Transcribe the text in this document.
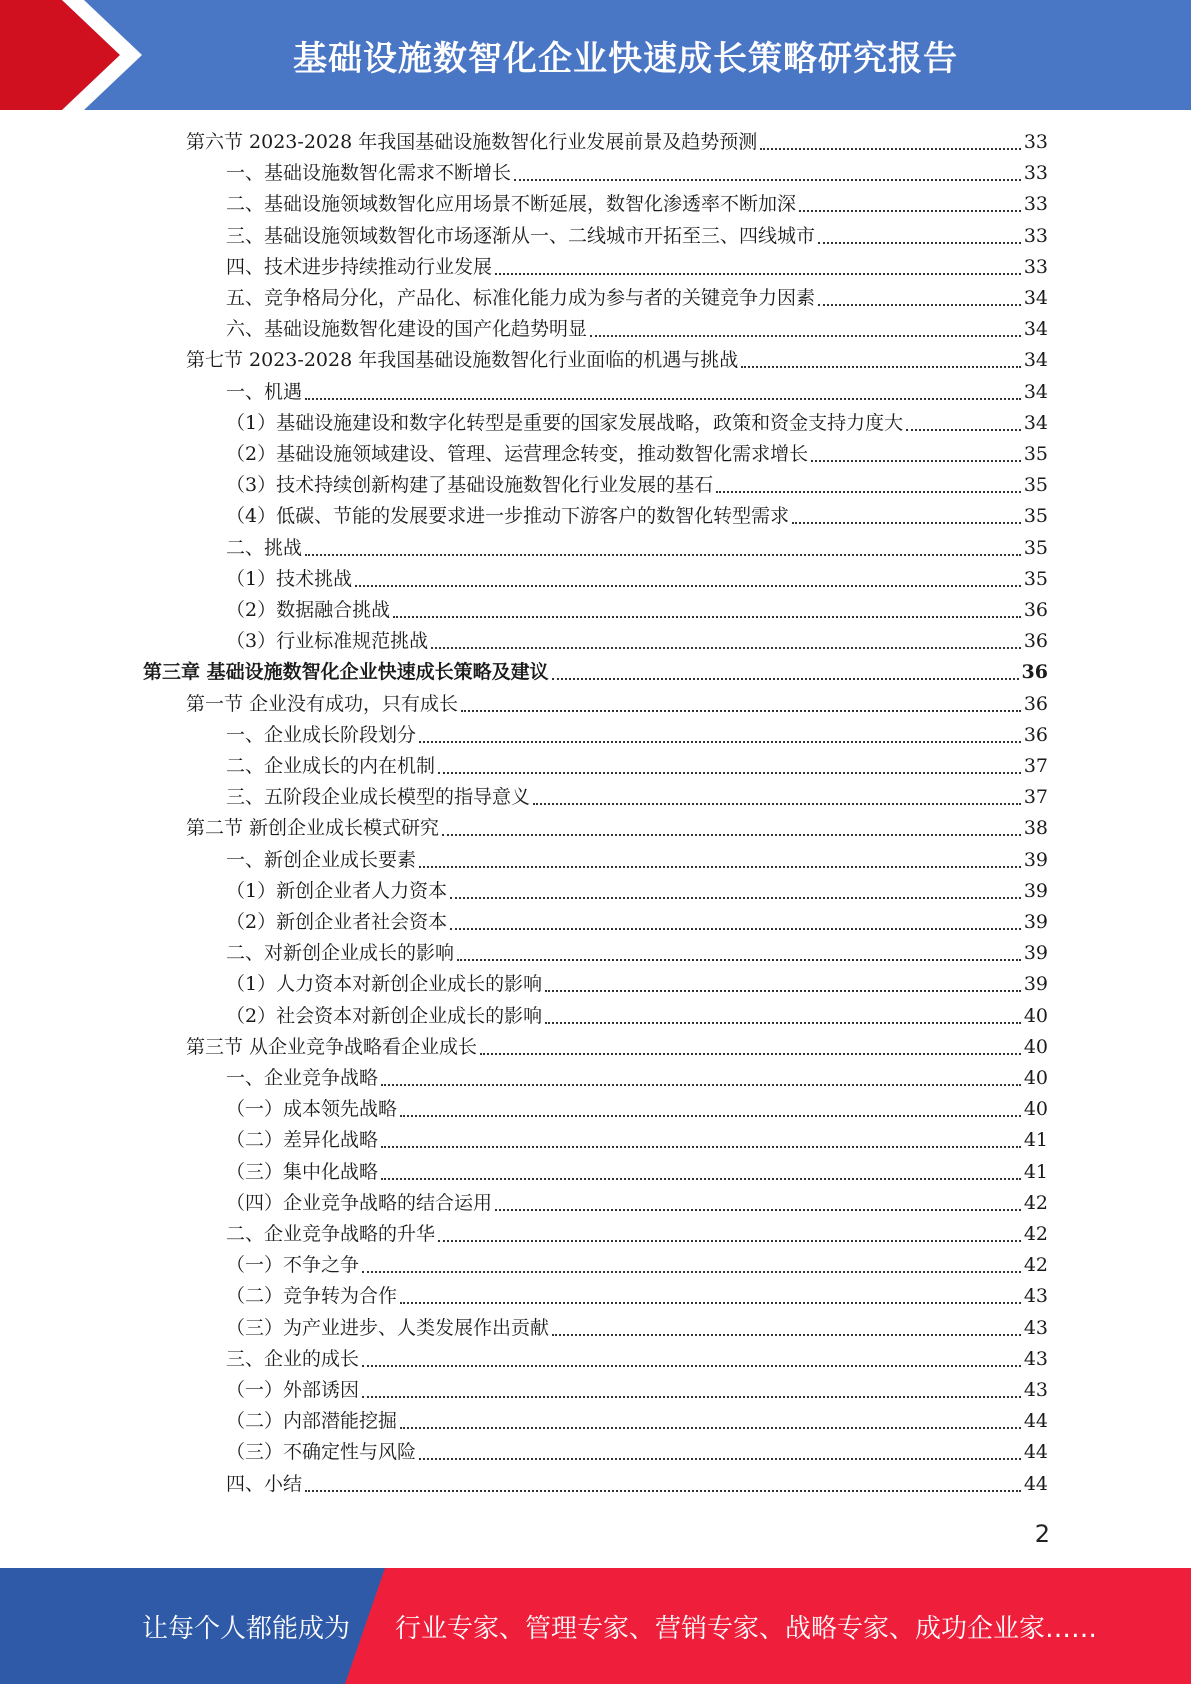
基础设施数智化企业快速成长策略研究报告
第六节 2023-2028 年我国基础设施数智化行业发展前景及趋势预测	33
一、基础设施数智化需求不断增长	33
二、基础设施领域数智化应用场景不断延展，数智化渗透率不断加深	33
三、基础设施领域数智化市场逐渐从一、二线城市开拓至三、四线城市	33
四、技术进步持续推动行业发展	33
五、竞争格局分化，产品化、标准化能力成为参与者的关键竞争力因素	34
六、基础设施数智化建设的国产化趋势明显	34
第七节 2023-2028 年我国基础设施数智化行业面临的机遇与挑战	34
一、机遇	34
（1）基础设施建设和数字化转型是重要的国家发展战略，政策和资金支持力度大	34
（2）基础设施领域建设、管理、运营理念转变，推动数智化需求增长	35
（3）技术持续创新构建了基础设施数智化行业发展的基石	35
（4）低碳、节能的发展要求进一步推动下游客户的数智化转型需求	35
二、挑战	35
（1）技术挑战	35
（2）数据融合挑战	36
（3）行业标准规范挑战	36
第三章 基础设施数智化企业快速成长策略及建议	36
第一节 企业没有成功，只有成长	36
一、企业成长阶段划分	36
二、企业成长的内在机制	37
三、五阶段企业成长模型的指导意义	37
第二节 新创企业成长模式研究	38
一、新创企业成长要素	39
（1）新创企业者人力资本	39
（2）新创企业者社会资本	39
二、对新创企业成长的影响	39
（1）人力资本对新创企业成长的影响	39
（2）社会资本对新创企业成长的影响	40
第三节 从企业竞争战略看企业成长	40
一、企业竞争战略	40
（一）成本领先战略	40
（二）差异化战略	41
（三）集中化战略	41
（四）企业竞争战略的结合运用	42
二、企业竞争战略的升华	42
（一）不争之争	42
（二）竞争转为合作	43
（三）为产业进步、人类发展作出贡献	43
三、企业的成长	43
（一）外部诱因	43
（二）内部潜能挖掘	44
（三）不确定性与风险	44
四、小结	44
2
让每个人都能成为 行业专家、管理专家、营销专家、战略专家、成功企业家……
